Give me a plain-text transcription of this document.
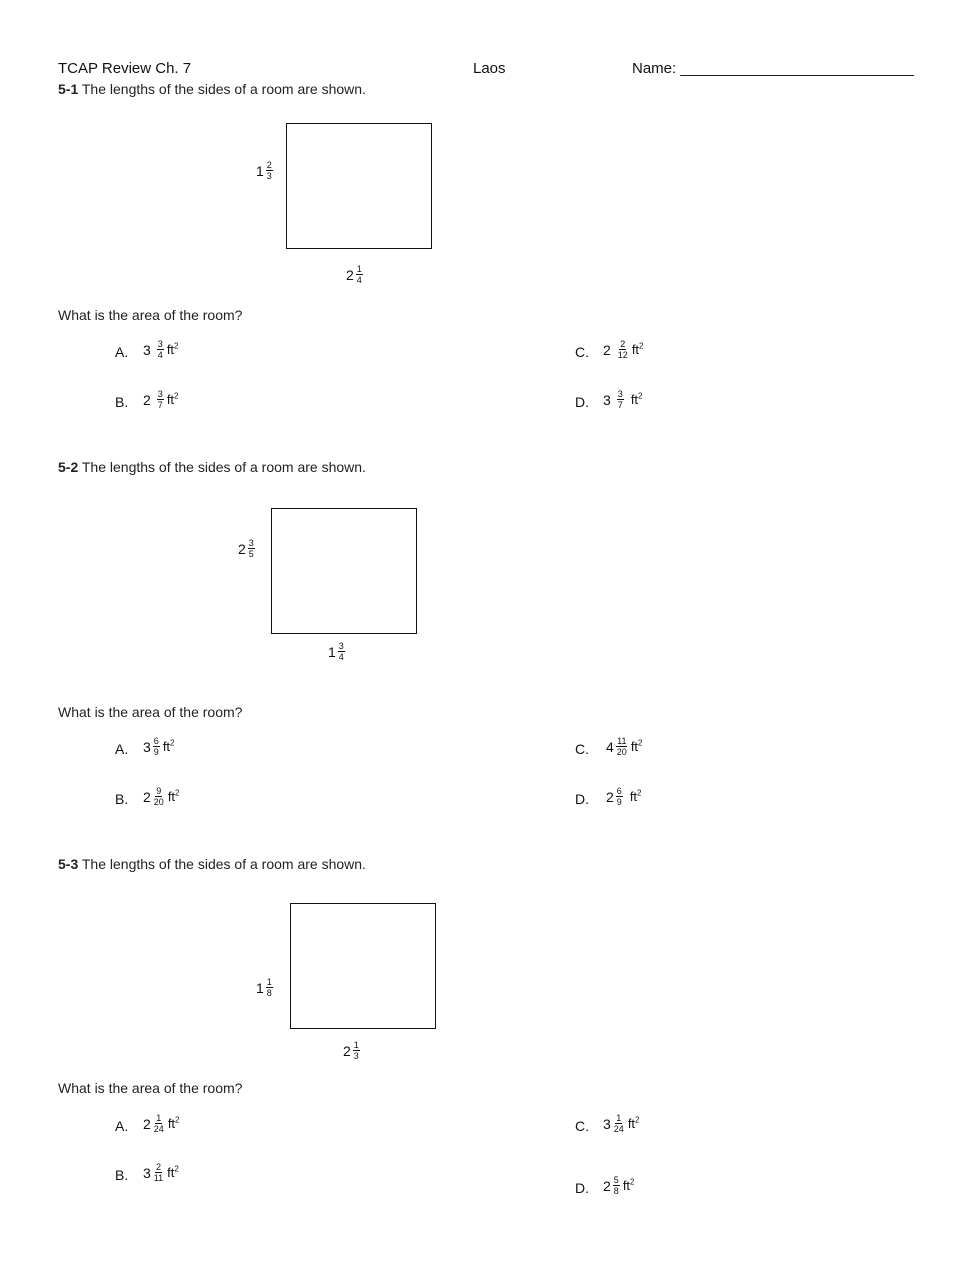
TCAP Review Ch. 7	Laos	Name: ____________________________
5-1 The lengths of the sides of a room are shown.
$1 \frac{2}{3}$
$2 \frac{1}{4}$
What is the area of the room?
A. $3 \frac{3}{4} ft^2$
B. $2 \frac{3}{7} ft^2$
C. $2 \frac{2}{12} ft^2$
D. $3 \frac{3}{7} ft^2$
5-2 The lengths of the sides of a room are shown.
$2 \frac{3}{5}$
$1 \frac{3}{4}$
What is the area of the room?
A. $3 \frac{6}{9} ft^2$
B. $2 \frac{9}{20} ft^2$
C. $4 \frac{11}{20} ft^2$
D. $2 \frac{6}{9} ft^2$
5-3 The lengths of the sides of a room are shown.
$1 \frac{1}{8}$
$2 \frac{1}{3}$
What is the area of the room?
A. $2 \frac{1}{24} ft^2$
B. $3 \frac{2}{11} ft^2$
C. $3 \frac{1}{24} ft^2$
D. $2 \frac{5}{8} ft^2$
